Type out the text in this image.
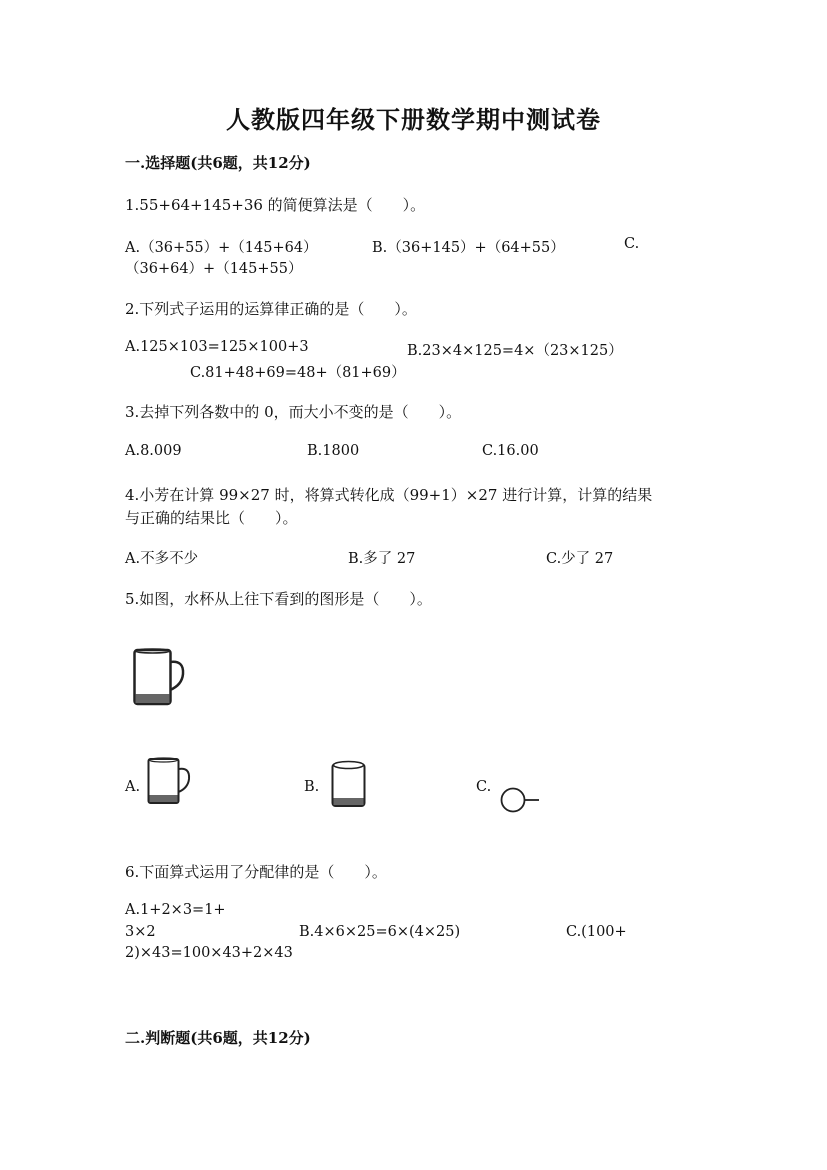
人教版四年级下册数学期中测试卷
一.选择题(共6题，共12分)
1.55+64+145+36 的简便算法是（　　）。
A.（36+55）+（145+64）	B.（36+145）+（64+55）	C.
（36+64）+（145+55）
2.下列式子运用的运算律正确的是（　　）。
A.125×103=125×100+3	B.23×4×125=4×（23×125）
C.81+48+69=48+（81+69）
3.去掉下列各数中的 0，而大小不变的是（　　）。
A.8.009	B.1800	C.16.00
4.小芳在计算 99×27 时，将算式转化成（99+1）×27 进行计算，计算的结果
与正确的结果比（　　）。
A.不多不少	B.多了 27	C.少了 27
5.如图，水杯从上往下看到的图形是（　　）。
A.	B.	C.
6.下面算式运用了分配律的是（　　）。
A.1+2×3=1+
3×2	B.4×6×25=6×(4×25)	C.(100+
2)×43=100×43+2×43
二.判断题(共6题，共12分)
